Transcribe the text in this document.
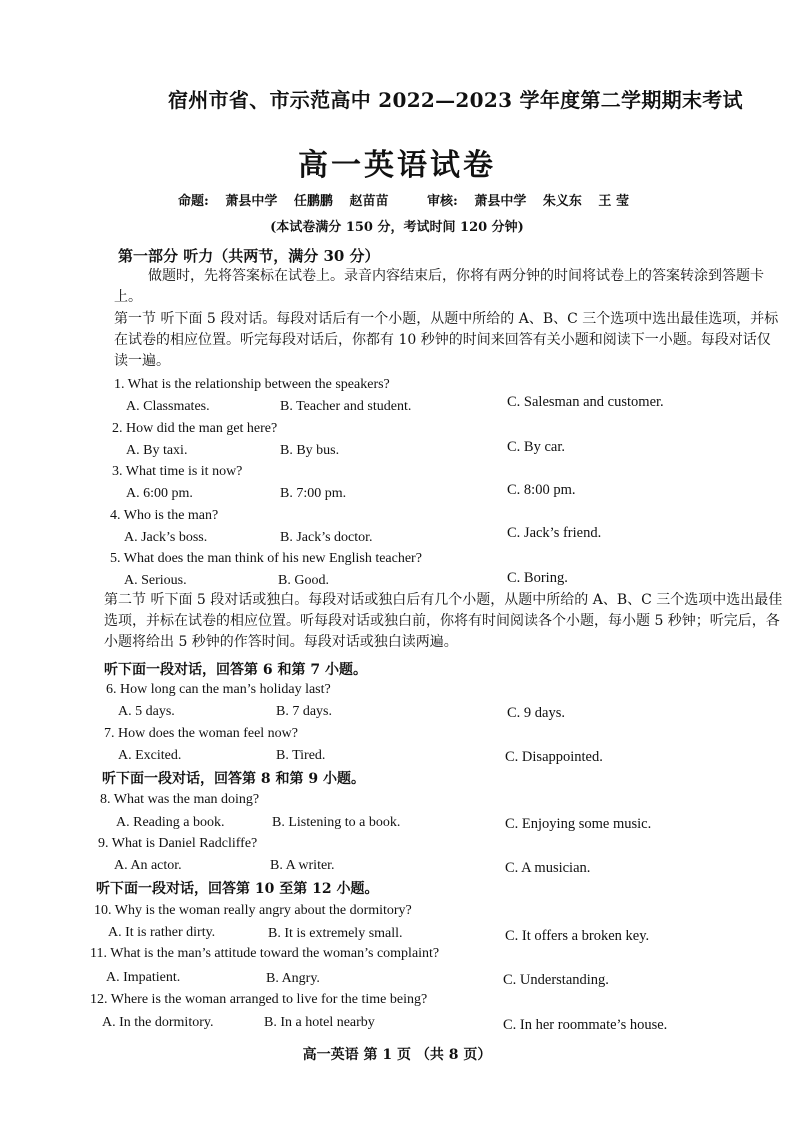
宿州市省、市示范高中 2022—2023 学年度第二学期期末考试
高一英语试卷
命题: 萧县中学 任鹏鹏 赵苗苗	审核: 萧县中学 朱义东 王 莹
(本试卷满分 150 分，考试时间 120 分钟)
第一部分 听力（共两节，满分 30 分）
做题时，先将答案标在试卷上。录音内容结束后，你将有两分钟的时间将试卷上的答案转涂到答题卡上。
第一节 听下面 5 段对话。每段对话后有一个小题，从题中所给的 A、B、C 三个选项中选出最佳选项，并标在试卷的相应位置。听完每段对话后，你都有 10 秒钟的时间来回答有关小题和阅读下一小题。每段对话仅读一遍。
1. What is the relationship between the speakers?
A. Classmates.	B. Teacher and student.	C. Salesman and customer.
2. How did the man get here?
A. By taxi.	B. By bus.	C. By car.
3. What time is it now?
A. 6:00 pm.	B. 7:00 pm.	C. 8:00 pm.
4. Who is the man?
A. Jack’s boss.	B. Jack’s doctor.	C. Jack’s friend.
5. What does the man think of his new English teacher?
A. Serious.	B. Good.	C. Boring.
第二节 听下面 5 段对话或独白。每段对话或独白后有几个小题，从题中所给的 A、B、C 三个选项中选出最佳选项，并标在试卷的相应位置。听每段对话或独白前，你将有时间阅读各个小题，每小题 5 秒钟；听完后，各小题将给出 5 秒钟的作答时间。每段对话或独白读两遍。
听下面一段对话，回答第 6 和第 7 小题。
6. How long can the man’s holiday last?
A. 5 days.	B. 7 days.	C. 9 days.
7. How does the woman feel now?
A. Excited.	B. Tired.	C. Disappointed.
听下面一段对话，回答第 8 和第 9 小题。
8. What was the man doing?
A. Reading a book.	B. Listening to a book.	C. Enjoying some music.
9. What is Daniel Radcliffe?
A. An actor.	B. A writer.	C. A musician.
听下面一段对话，回答第 10 至第 12 小题。
10. Why is the woman really angry about the dormitory?
A. It is rather dirty.	B. It is extremely small.	C. It offers a broken key.
11. What is the man’s attitude toward the woman’s complaint?
A. Impatient.	B. Angry.	C. Understanding.
12. Where is the woman arranged to live for the time being?
A. In the dormitory.	B. In a hotel nearby	C. In her roommate’s house.
高一英语 第 1 页 （共 8 页）
